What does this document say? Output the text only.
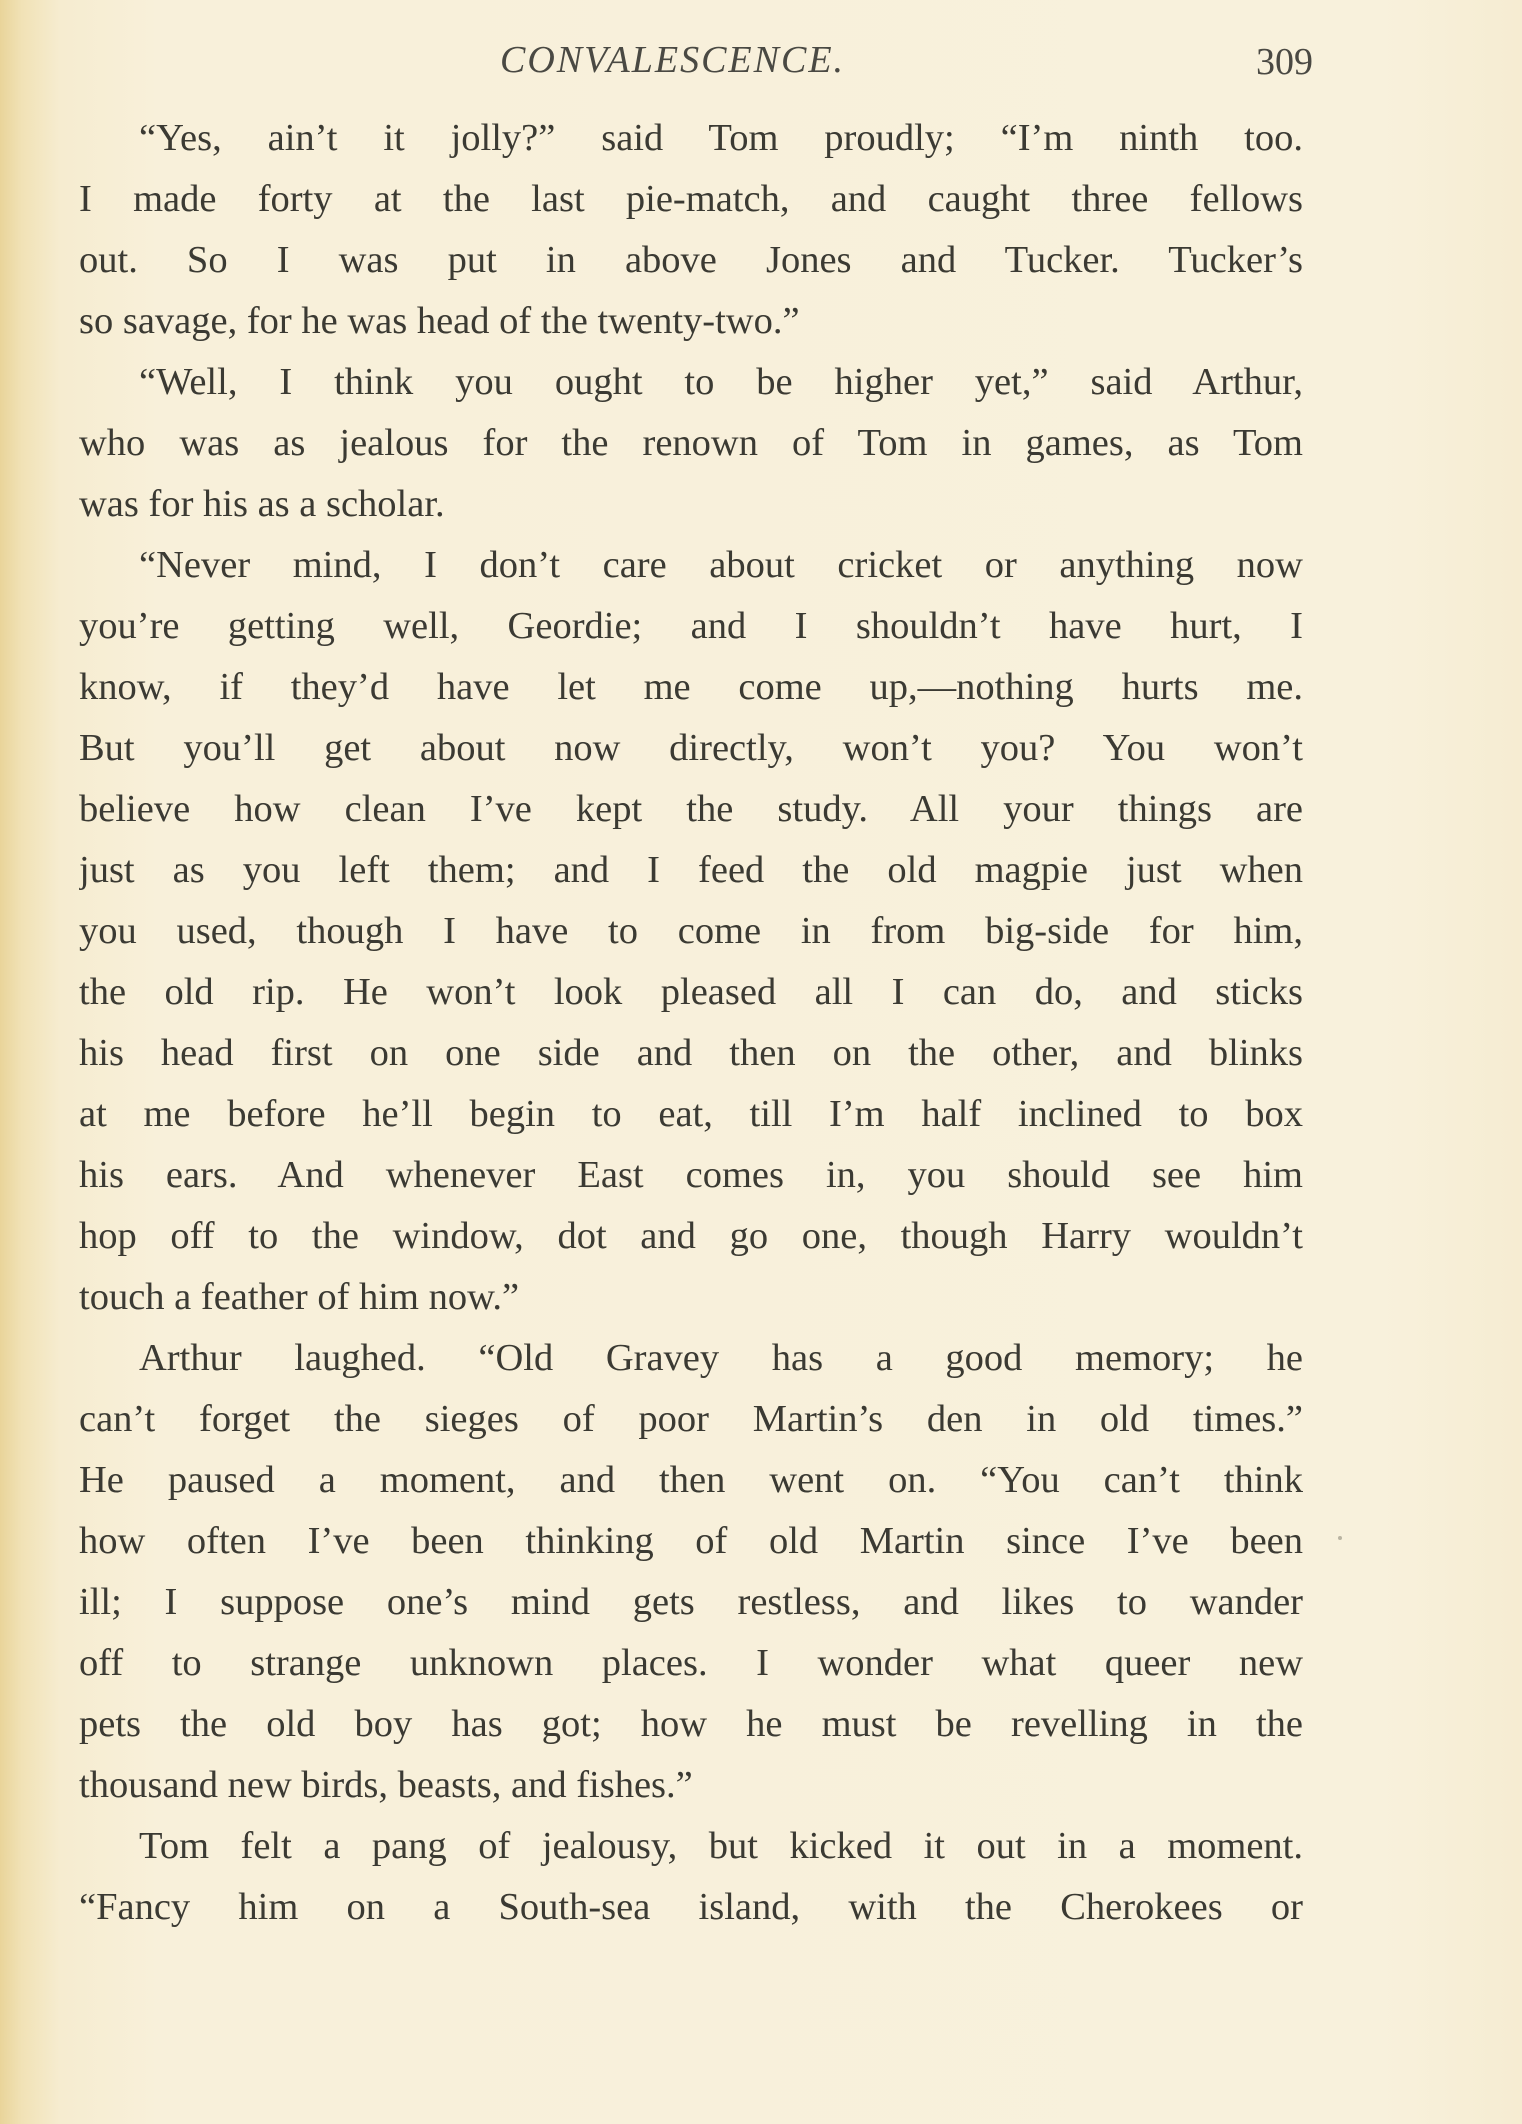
CONVALESCENCE.	309
“Yes, ain’t it jolly?” said Tom proudly; “I’m ninth too.
I made forty at the last pie-match, and caught three fellows
out. So I was put in above Jones and Tucker. Tucker’s
so savage, for he was head of the twenty-two.”
“Well, I think you ought to be higher yet,” said Arthur,
who was as jealous for the renown of Tom in games, as Tom
was for his as a scholar.
“Never mind, I don’t care about cricket or anything now
you’re getting well, Geordie; and I shouldn’t have hurt, I
know, if they’d have let me come up,—nothing hurts me.
But you’ll get about now directly, won’t you? You won’t
believe how clean I’ve kept the study. All your things are
just as you left them; and I feed the old magpie just when
you used, though I have to come in from big-side for him,
the old rip. He won’t look pleased all I can do, and sticks
his head first on one side and then on the other, and blinks
at me before he’ll begin to eat, till I’m half inclined to box
his ears. And whenever East comes in, you should see him
hop off to the window, dot and go one, though Harry wouldn’t
touch a feather of him now.”
Arthur laughed. “Old Gravey has a good memory; he
can’t forget the sieges of poor Martin’s den in old times.”
He paused a moment, and then went on. “You can’t think
how often I’ve been thinking of old Martin since I’ve been
ill; I suppose one’s mind gets restless, and likes to wander
off to strange unknown places. I wonder what queer new
pets the old boy has got; how he must be revelling in the
thousand new birds, beasts, and fishes.”
Tom felt a pang of jealousy, but kicked it out in a moment.
“Fancy him on a South-sea island, with the Cherokees or
